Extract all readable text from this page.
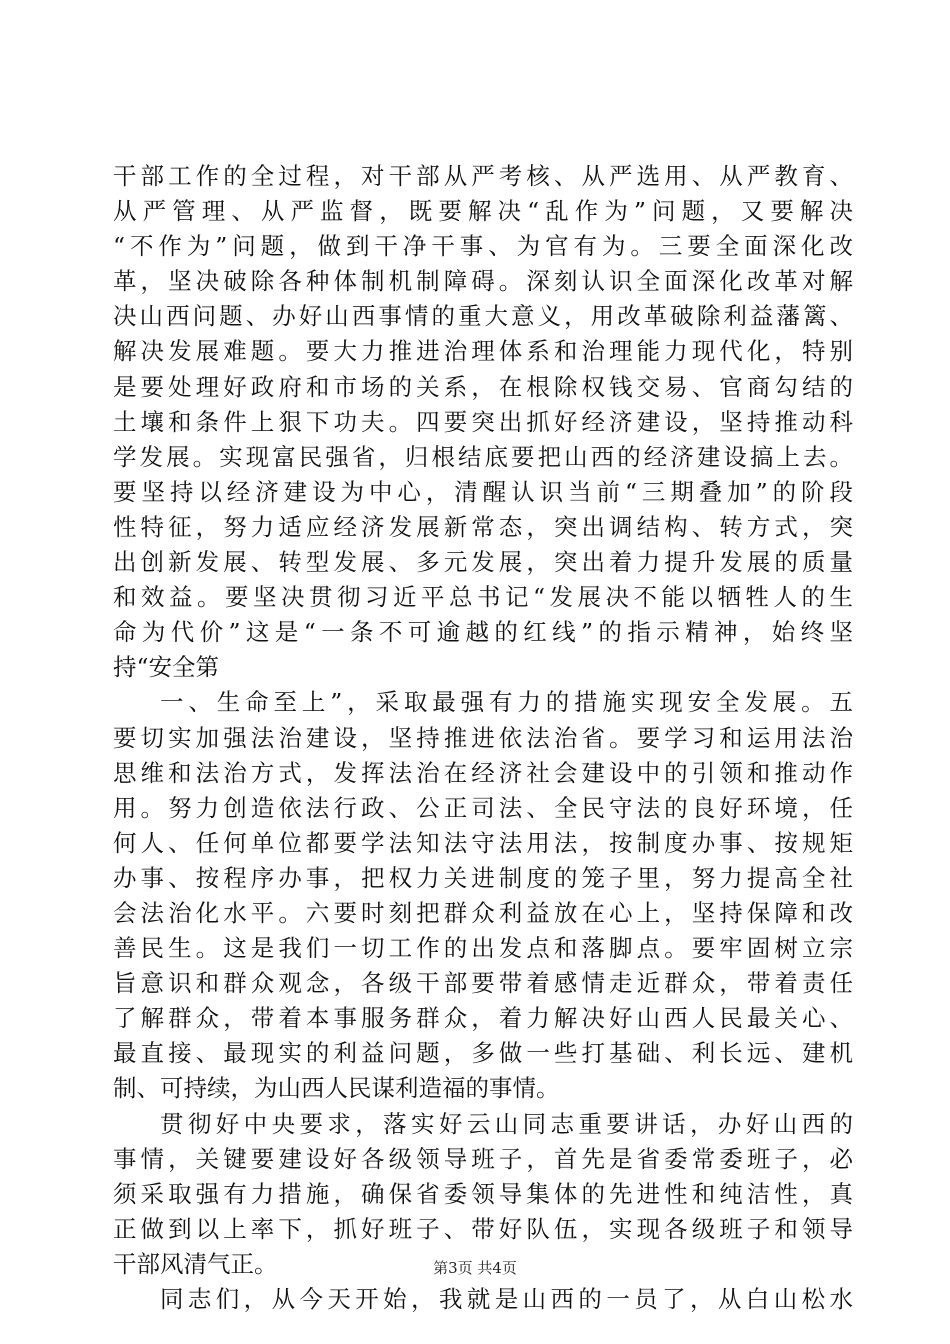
干部工作的全过程，对干部从严考核、从严选用、从严教育、
从严管理、从严监督，既要解决“乱作为”问题，又要解决
“不作为”问题，做到干净干事、为官有为。三要全面深化改
革，坚决破除各种体制机制障碍。深刻认识全面深化改革对解
决山西问题、办好山西事情的重大意义，用改革破除利益藩篱、
解决发展难题。要大力推进治理体系和治理能力现代化，特别
是要处理好政府和市场的关系，在根除权钱交易、官商勾结的
土壤和条件上狠下功夫。四要突出抓好经济建设，坚持推动科
学发展。实现富民强省，归根结底要把山西的经济建设搞上去。
要坚持以经济建设为中心，清醒认识当前“三期叠加”的阶段
性特征，努力适应经济发展新常态，突出调结构、转方式，突
出创新发展、转型发展、多元发展，突出着力提升发展的质量
和效益。要坚决贯彻习近平总书记“发展决不能以牺牲人的生
命为代价”这是“一条不可逾越的红线”的指示精神，始终坚
持“安全第
一、生命至上”，采取最强有力的措施实现安全发展。五
要切实加强法治建设，坚持推进依法治省。要学习和运用法治
思维和法治方式，发挥法治在经济社会建设中的引领和推动作
用。努力创造依法行政、公正司法、全民守法的良好环境，任
何人、任何单位都要学法知法守法用法，按制度办事、按规矩
办事、按程序办事，把权力关进制度的笼子里，努力提高全社
会法治化水平。六要时刻把群众利益放在心上，坚持保障和改
善民生。这是我们一切工作的出发点和落脚点。要牢固树立宗
旨意识和群众观念，各级干部要带着感情走近群众，带着责任
了解群众，带着本事服务群众，着力解决好山西人民最关心、
最直接、最现实的利益问题，多做一些打基础、利长远、建机
制、可持续，为山西人民谋利造福的事情。
贯彻好中央要求，落实好云山同志重要讲话，办好山西的
事情，关键要建设好各级领导班子，首先是省委常委班子，必
须采取强有力措施，确保省委领导集体的先进性和纯洁性，真
正做到以上率下，抓好班子、带好队伍，实现各级班子和领导
干部风清气正。
同志们，从今天开始，我就是山西的一员了，从白山松水
第3页 共4页
